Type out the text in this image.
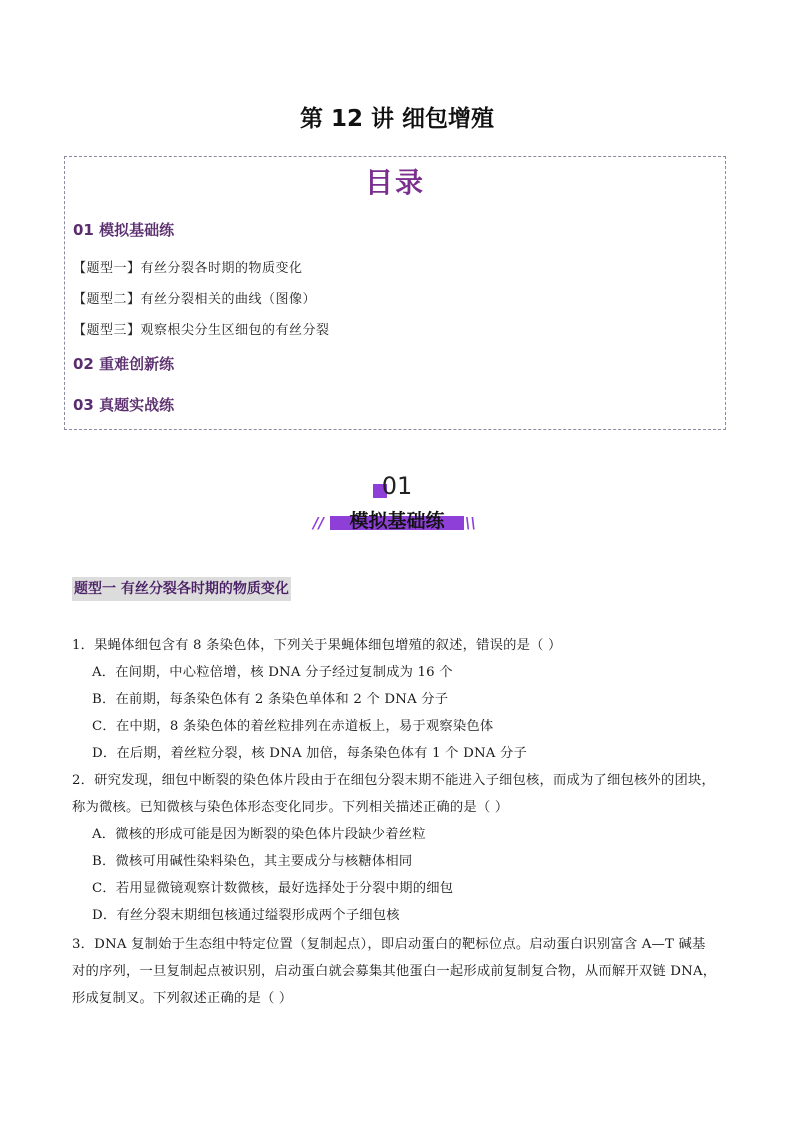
第 12 讲 细包增殖
目录
01 模拟基础练
【题型一】有丝分裂各时期的物质变化
【题型二】有丝分裂相关的曲线（图像）
【题型三】观察根尖分生区细包的有丝分裂
02 重难创新练
03 真题实战练
01
模拟基础练
//	\\
题型一 有丝分裂各时期的物质变化
1．果蝇体细包含有 8 条染色体，下列关于果蝇体细包增殖的叙述，错误的是（ ）
A．在间期，中心粒倍增，核 DNA 分子经过复制成为 16 个
B．在前期，每条染色体有 2 条染色单体和 2 个 DNA 分子
C．在中期，8 条染色体的着丝粒排列在赤道板上，易于观察染色体
D．在后期，着丝粒分裂，核 DNA 加倍，每条染色体有 1 个 DNA 分子
2．研究发现，细包中断裂的染色体片段由于在细包分裂末期不能进入子细包核，而成为了细包核外的团块，
称为微核。已知微核与染色体形态变化同步。下列相关描述正确的是（ ）
A．微核的形成可能是因为断裂的染色体片段缺少着丝粒
B．微核可用碱性染料染色，其主要成分与核糖体相同
C．若用显微镜观察计数微核，最好选择处于分裂中期的细包
D．有丝分裂末期细包核通过缢裂形成两个子细包核
3．DNA 复制始于生态组中特定位置（复制起点），即启动蛋白的靶标位点。启动蛋白识别富含 A—T 碱基
对的序列，一旦复制起点被识别，启动蛋白就会募集其他蛋白一起形成前复制复合物，从而解开双链 DNA，
形成复制叉。下列叙述正确的是（ ）
